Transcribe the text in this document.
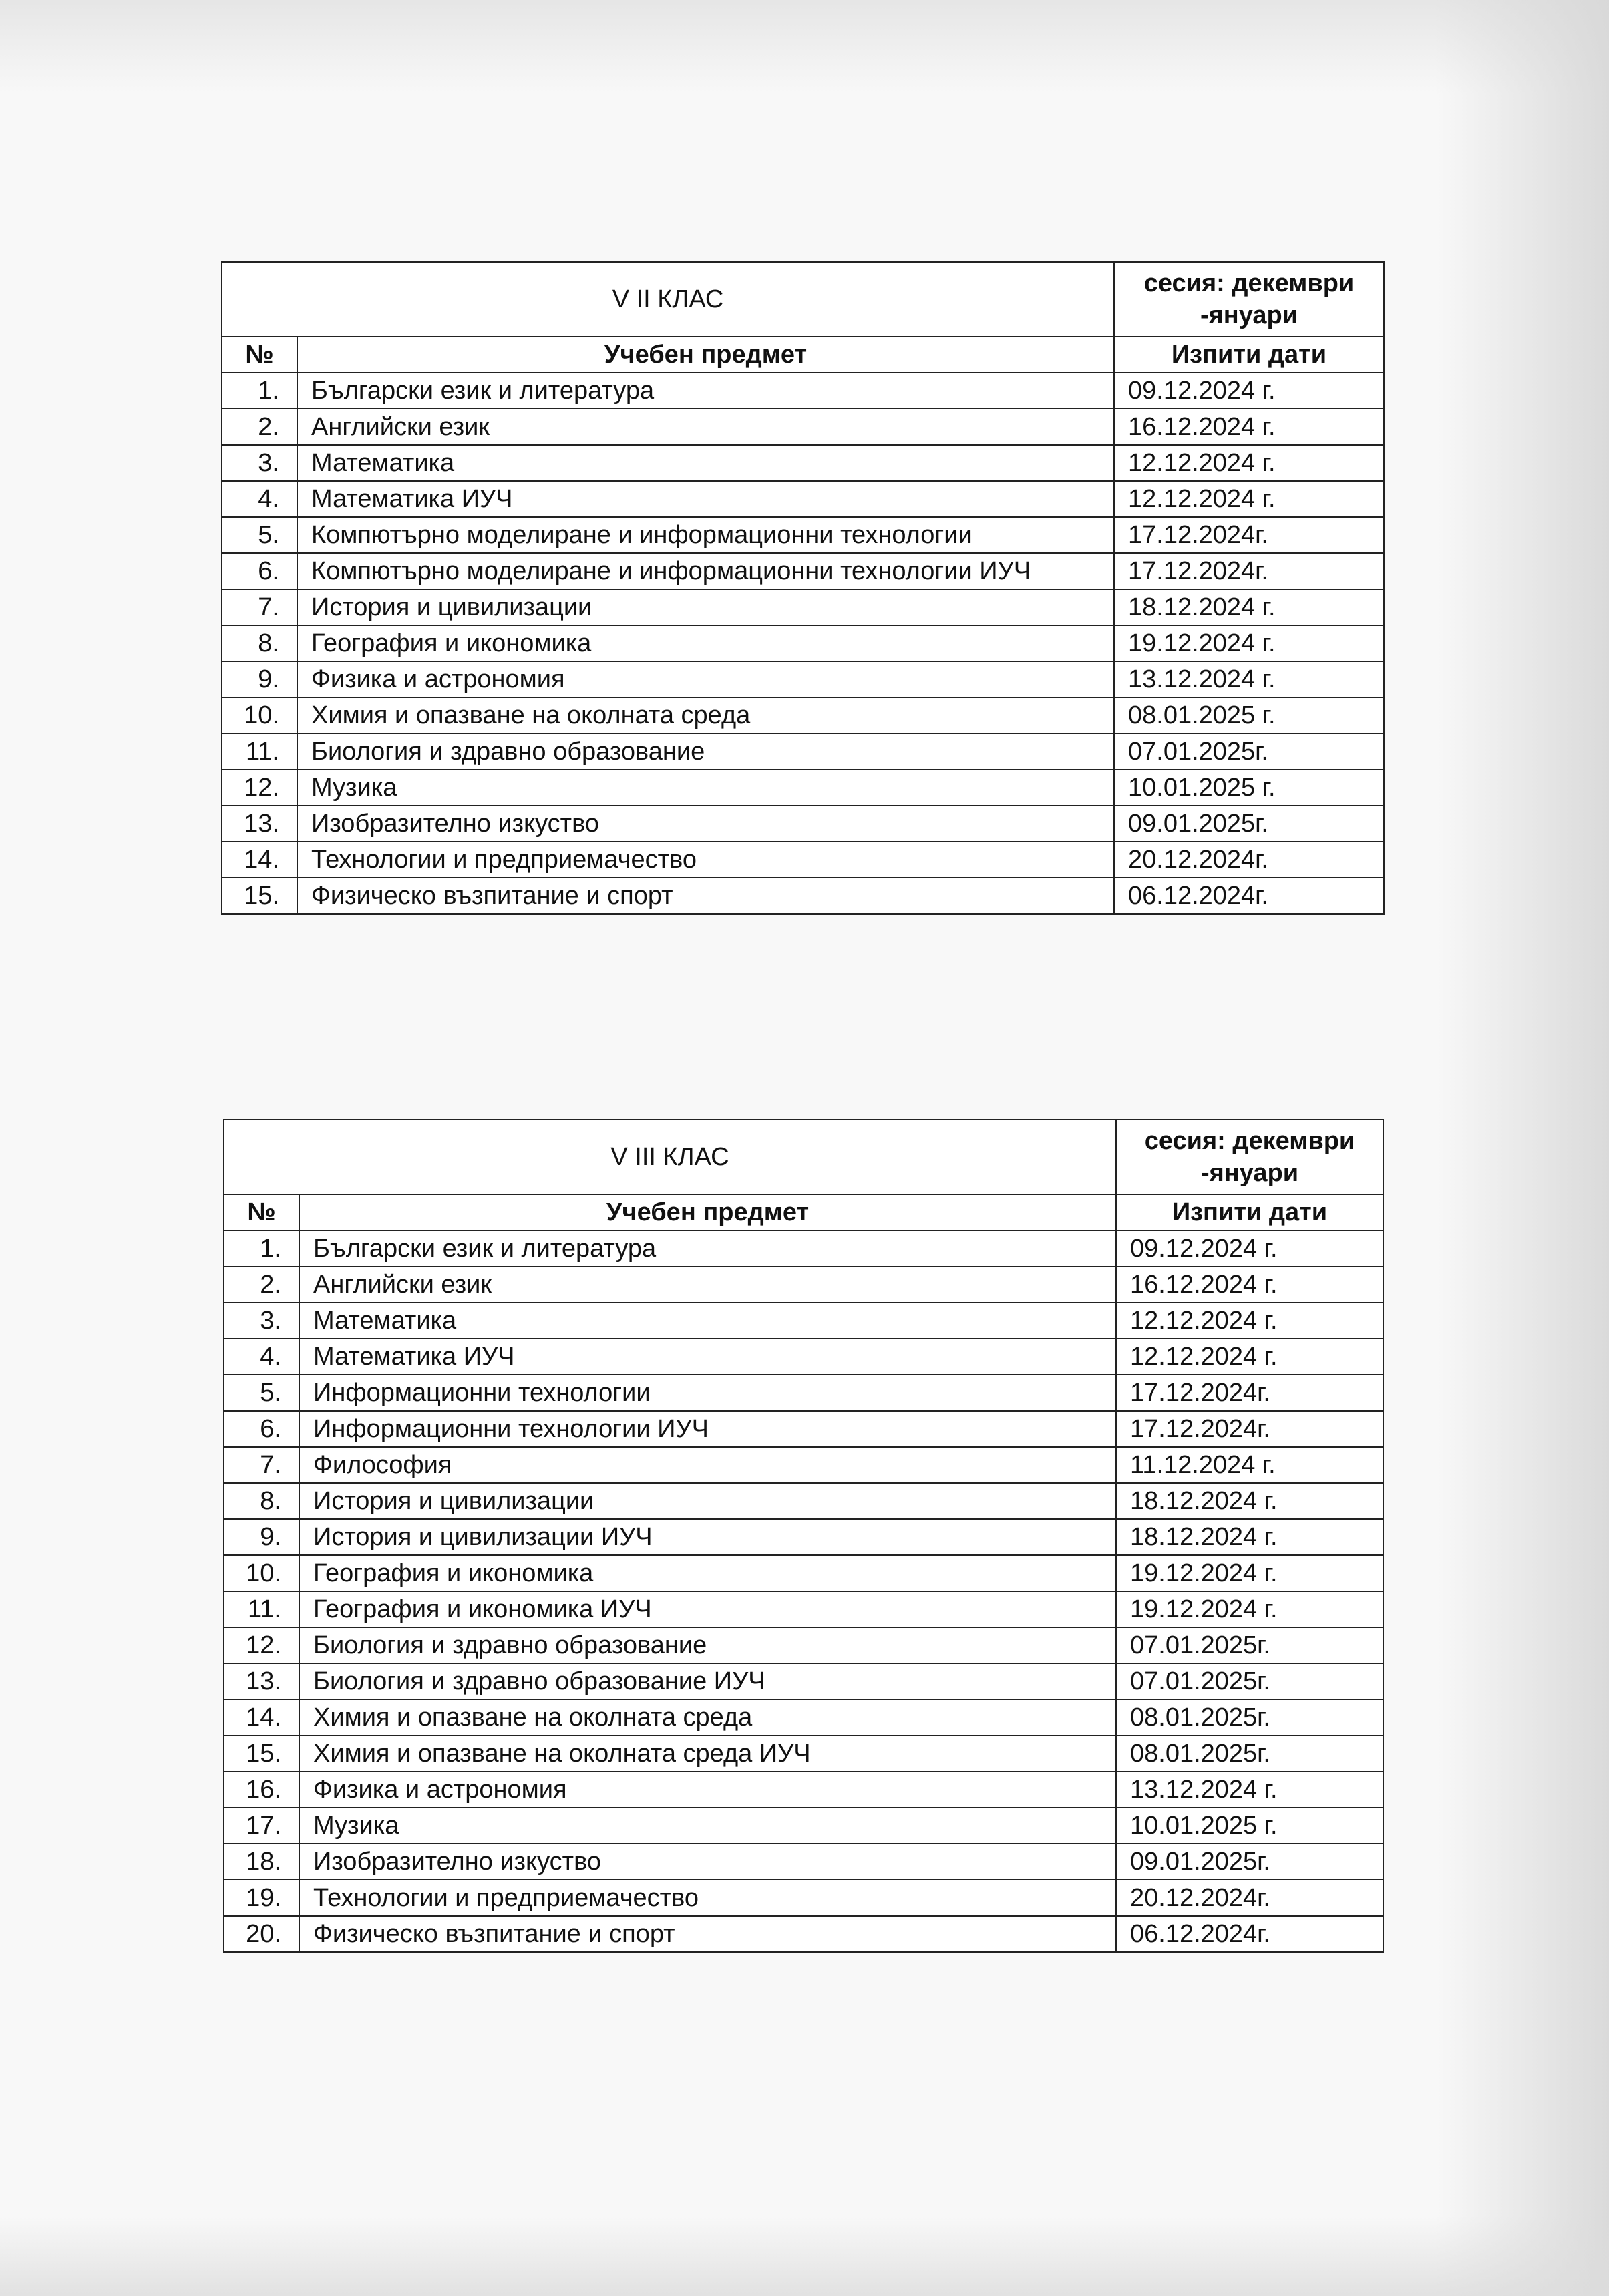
V II КЛАС		сесия: декември -януари
№	Учебен предмет	Изпити дати
1.	Български език и литература	09.12.2024 г.
2.	Английски език	16.12.2024 г.
3.	Математика	12.12.2024 г.
4.	Математика ИУЧ	12.12.2024 г.
5.	Компютърно моделиране и информационни технологии	17.12.2024г.
6.	Компютърно моделиране и информационни технологии ИУЧ	17.12.2024г.
7.	История и цивилизации	18.12.2024 г.
8.	География и икономика	19.12.2024 г.
9.	Физика и астрономия	13.12.2024 г.
10.	Химия и опазване на околната среда	08.01.2025 г.
11.	Биология и здравно образование	07.01.2025г.
12.	Музика	10.01.2025 г.
13.	Изобразително изкуство	09.01.2025г.
14.	Технологии и предприемачество	20.12.2024г.
15.	Физическо възпитание и спорт	06.12.2024г.
V III КЛАС		сесия: декември -януари
№	Учебен предмет	Изпити дати
1.	Български език и литература	09.12.2024 г.
2.	Английски език	16.12.2024 г.
3.	Математика	12.12.2024 г.
4.	Математика ИУЧ	12.12.2024 г.
5.	Информационни технологии	17.12.2024г.
6.	Информационни технологии ИУЧ	17.12.2024г.
7.	Философия	11.12.2024 г.
8.	История и цивилизации	18.12.2024 г.
9.	История и цивилизации ИУЧ	18.12.2024 г.
10.	География и икономика	19.12.2024 г.
11.	География и икономика ИУЧ	19.12.2024 г.
12.	Биология и здравно образование	07.01.2025г.
13.	Биология и здравно образование ИУЧ	07.01.2025г.
14.	Химия и опазване на околната среда	08.01.2025г.
15.	Химия и опазване на околната среда ИУЧ	08.01.2025г.
16.	Физика и астрономия	13.12.2024 г.
17.	Музика	10.01.2025 г.
18.	Изобразително изкуство	09.01.2025г.
19.	Технологии и предприемачество	20.12.2024г.
20.	Физическо възпитание и спорт	06.12.2024г.
